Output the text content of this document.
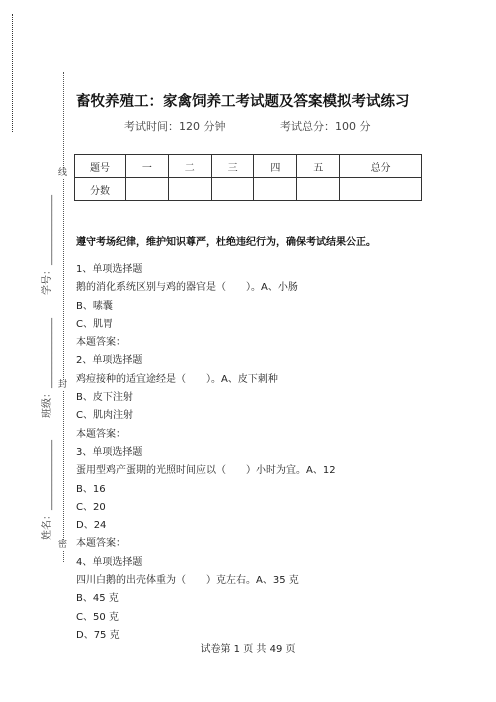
线
封
密
学号：______________
班级：______________
姓名：______________
畜牧养殖工：家禽饲养工考试题及答案模拟考试练习
考试时间：120 分钟	考试总分：100 分
题号	一	二	三	四	五	总分
分数						
遵守考场纪律，维护知识尊严，杜绝违纪行为，确保考试结果公正。
1、单项选择题
鹅的消化系统区别与鸡的器官是（　　）。A、小肠
B、嗉囊
C、肌胃
本题答案：
2、单项选择题
鸡痘接种的适宜途经是（　　）。A、皮下刺种
B、皮下注射
C、肌肉注射
本题答案：
3、单项选择题
蛋用型鸡产蛋期的光照时间应以（　　）小时为宜。A、12
B、16
C、20
D、24
本题答案：
4、单项选择题
四川白鹅的出壳体重为（　　）克左右。A、35 克
B、45 克
C、50 克
D、75 克
试卷第 1 页 共 49 页
